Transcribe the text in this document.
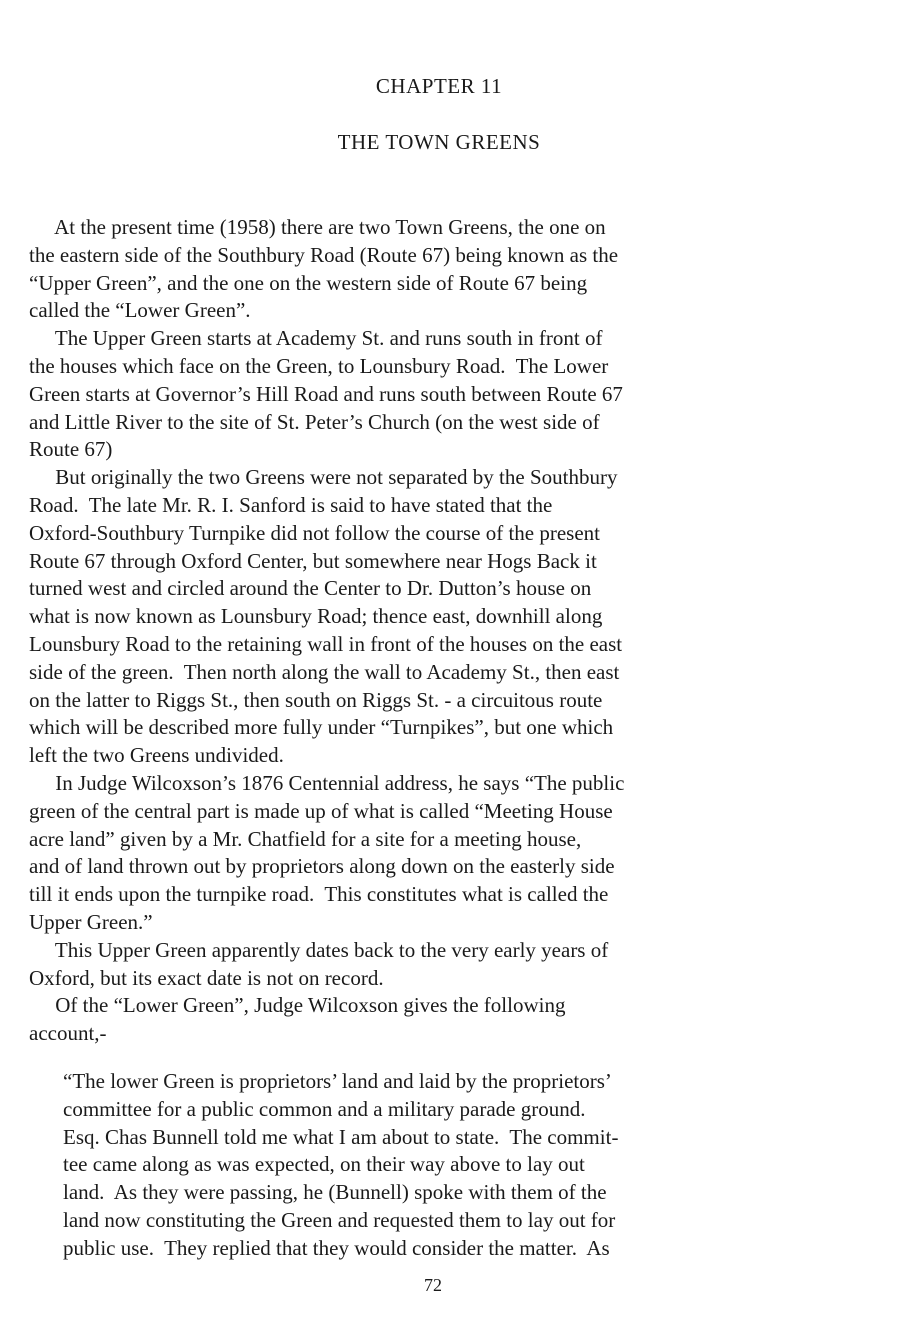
CHAPTER 11
THE TOWN GREENS
At the present time (1958) there are two Town Greens, the one on
the eastern side of the Southbury Road (Route 67) being known as the
“Upper Green”, and the one on the western side of Route 67 being
called the “Lower Green”.
The Upper Green starts at Academy St. and runs south in front of
the houses which face on the Green, to Lounsbury Road.  The Lower
Green starts at Governor’s Hill Road and runs south between Route 67
and Little River to the site of St. Peter’s Church (on the west side of
Route 67)
But originally the two Greens were not separated by the Southbury
Road.  The late Mr. R. I. Sanford is said to have stated that the
Oxford-Southbury Turnpike did not follow the course of the present
Route 67 through Oxford Center, but somewhere near Hogs Back it
turned west and circled around the Center to Dr. Dutton’s house on
what is now known as Lounsbury Road; thence east, downhill along
Lounsbury Road to the retaining wall in front of the houses on the east
side of the green.  Then north along the wall to Academy St., then east
on the latter to Riggs St., then south on Riggs St. - a circuitous route
which will be described more fully under “Turnpikes”, but one which
left the two Greens undivided.
In Judge Wilcoxson’s 1876 Centennial address, he says “The public
green of the central part is made up of what is called “Meeting House
acre land” given by a Mr. Chatfield for a site for a meeting house,
and of land thrown out by proprietors along down on the easterly side
till it ends upon the turnpike road.  This constitutes what is called the
Upper Green.”
This Upper Green apparently dates back to the very early years of
Oxford, but its exact date is not on record.
Of the “Lower Green”, Judge Wilcoxson gives the following
account,-
“The lower Green is proprietors’ land and laid by the proprietors’
committee for a public common and a military parade ground.
Esq. Chas Bunnell told me what I am about to state.  The commit-
tee came along as was expected, on their way above to lay out
land.  As they were passing, he (Bunnell) spoke with them of the
land now constituting the Green and requested them to lay out for
public use.  They replied that they would consider the matter.  As
72
